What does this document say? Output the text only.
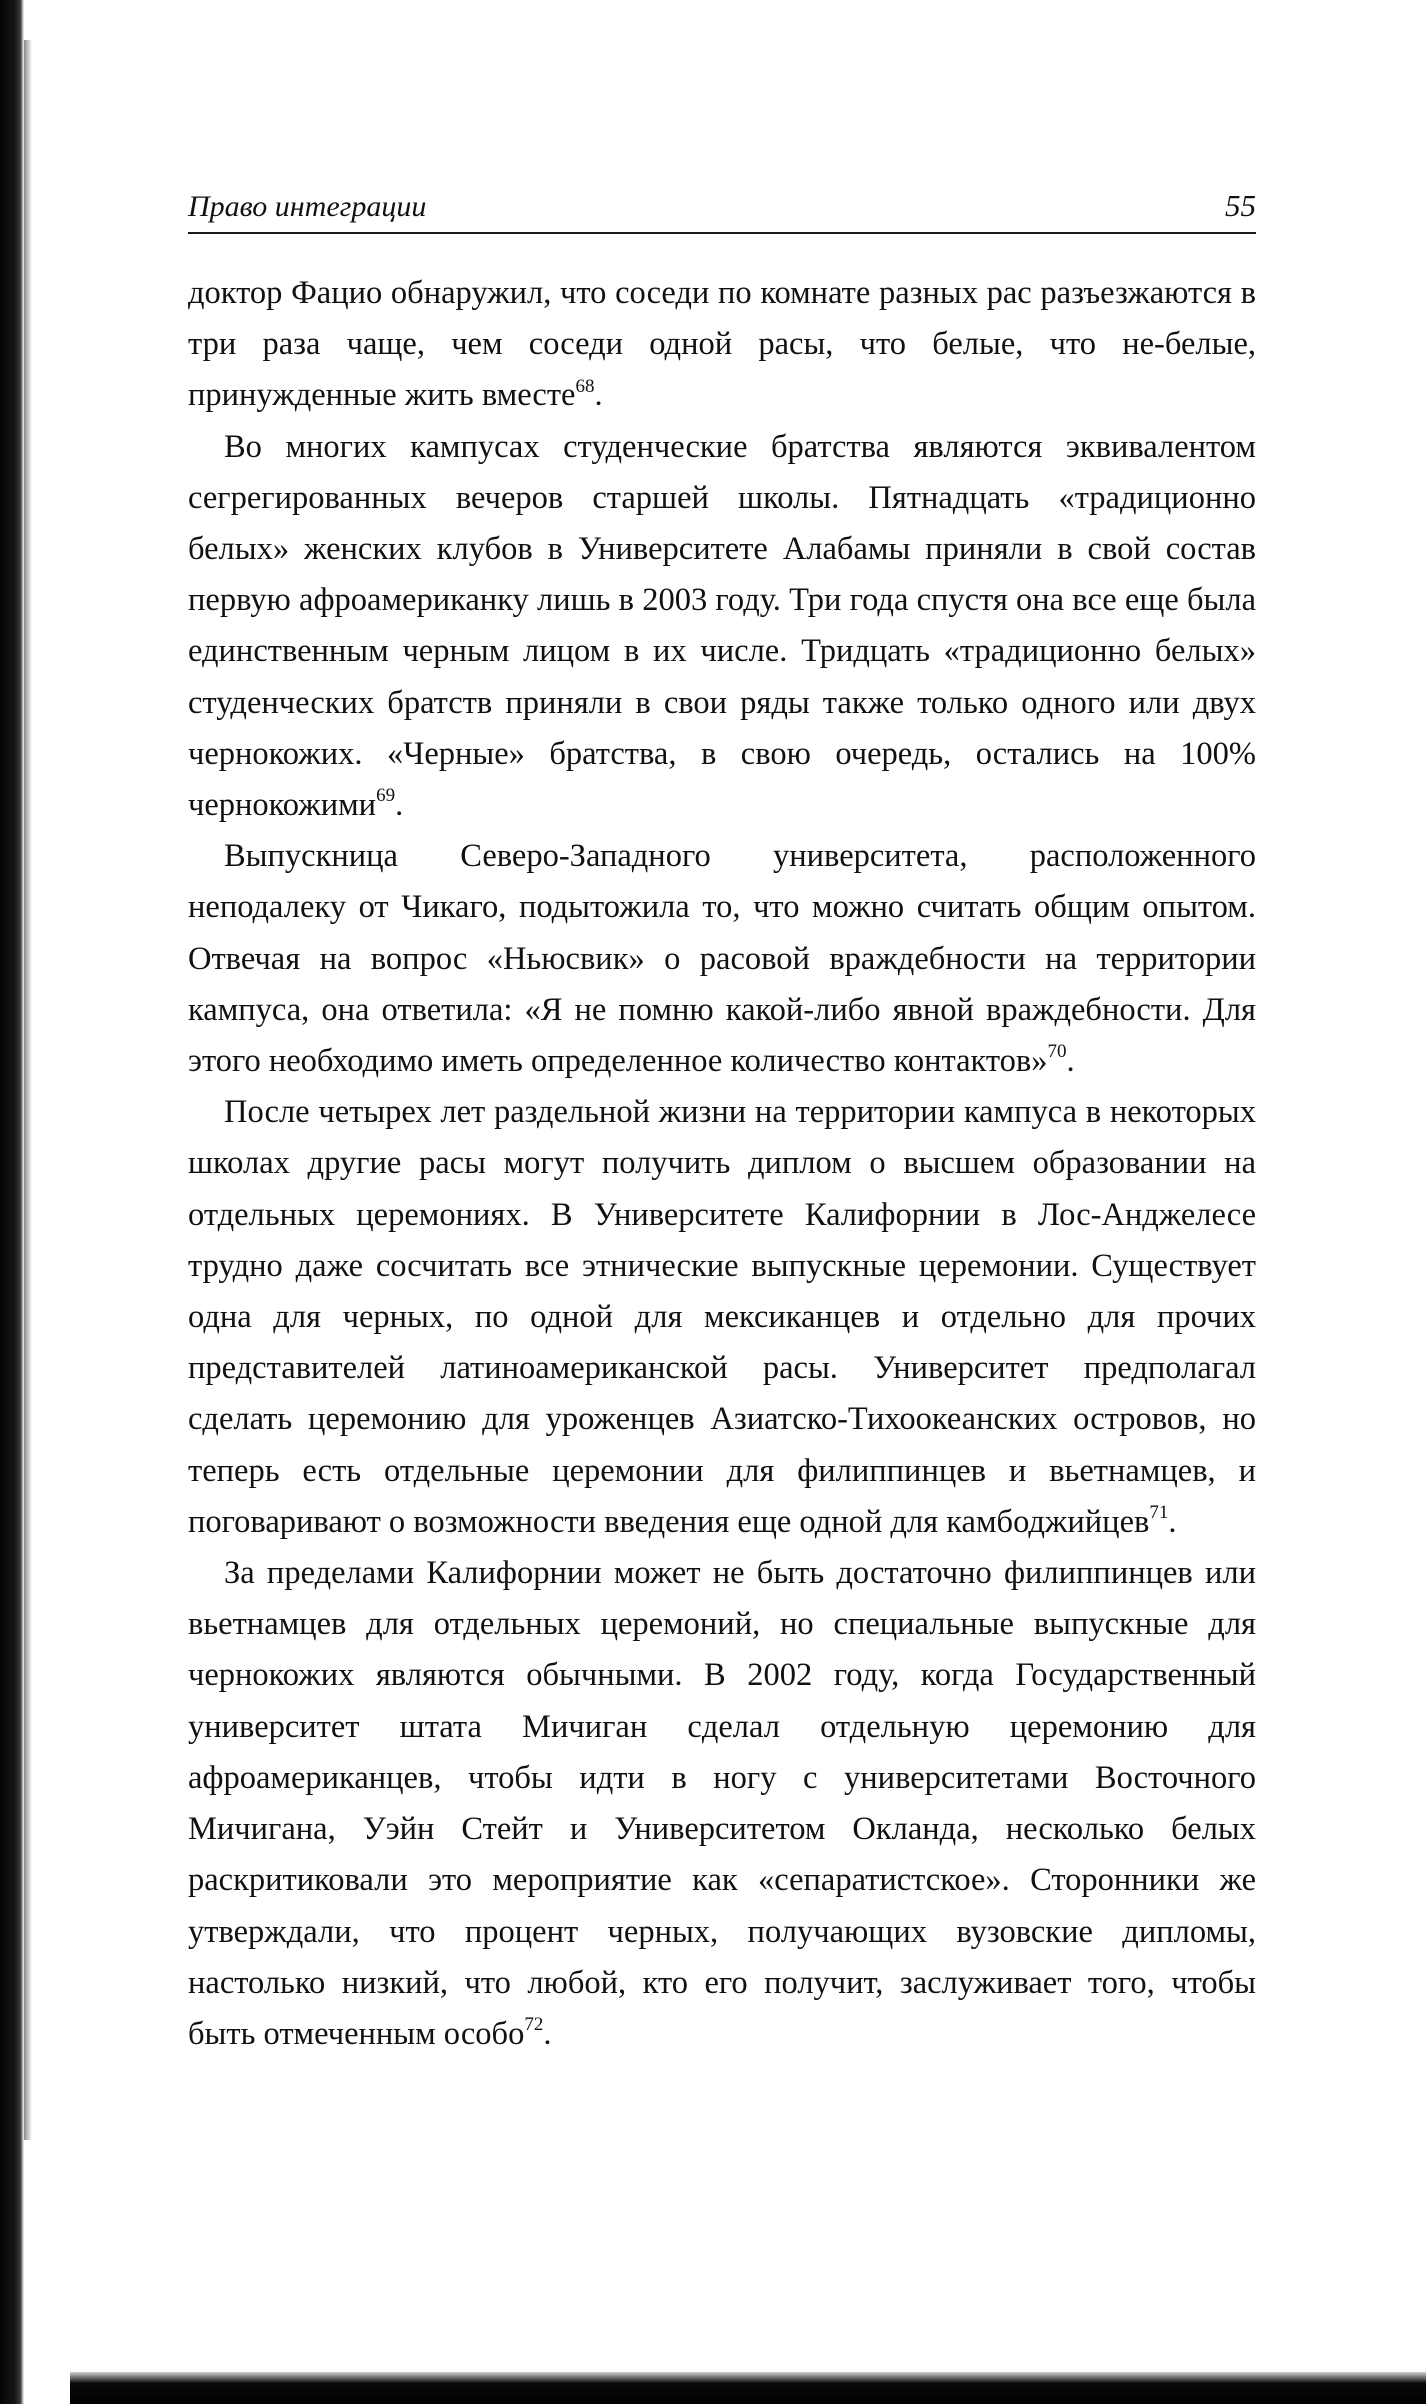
Право интеграции	55

доктор Фацио обнаружил, что соседи по комнате разных рас разъезжаются в три раза чаще, чем соседи одной расы, что белые, что не-белые, принужденные жить вместе$^{68}$.

Во многих кампусах студенческие братства являются эквивалентом сегрегированных вечеров старшей школы. Пятнадцать «традиционно белых» женских клубов в Университете Алабамы приняли в свой состав первую афроамериканку лишь в 2003 году. Три года спустя она все еще была единственным черным лицом в их числе. Тридцать «традиционно белых» студенческих братств приняли в свои ряды также только одного или двух чернокожих. «Черные» братства, в свою очередь, остались на 100% чернокожими$^{69}$.

Выпускница Северо-Западного университета, расположенного неподалеку от Чикаго, подытожила то, что можно считать общим опытом. Отвечая на вопрос «Ньюсвик» о расовой враждебности на территории кампуса, она ответила: «Я не помню какой-либо явной враждебности. Для этого необходимо иметь определенное количество контактов»$^{70}$.

После четырех лет раздельной жизни на территории кампуса в некоторых школах другие расы могут получить диплом о высшем образовании на отдельных церемониях. В Университете Калифорнии в Лос-Анджелесе трудно даже сосчитать все этнические выпускные церемонии. Существует одна для черных, по одной для мексиканцев и отдельно для прочих представителей латиноамериканской расы. Университет предполагал сделать церемонию для уроженцев Азиатско-Тихоокеанских островов, но теперь есть отдельные церемонии для филиппинцев и вьетнамцев, и поговаривают о возможности введения еще одной для камбоджийцев$^{71}$.

За пределами Калифорнии может не быть достаточно филиппинцев или вьетнамцев для отдельных церемоний, но специальные выпускные для чернокожих являются обычными. В 2002 году, когда Государственный университет штата Мичиган сделал отдельную церемонию для афроамериканцев, чтобы идти в ногу с университетами Восточного Мичигана, Уэйн Стейт и Университетом Окланда, несколько белых раскритиковали это мероприятие как «сепаратистское». Сторонники же утверждали, что процент черных, получающих вузовские дипломы, настолько низкий, что любой, кто его получит, заслуживает того, чтобы быть отмеченным особо$^{72}$.
